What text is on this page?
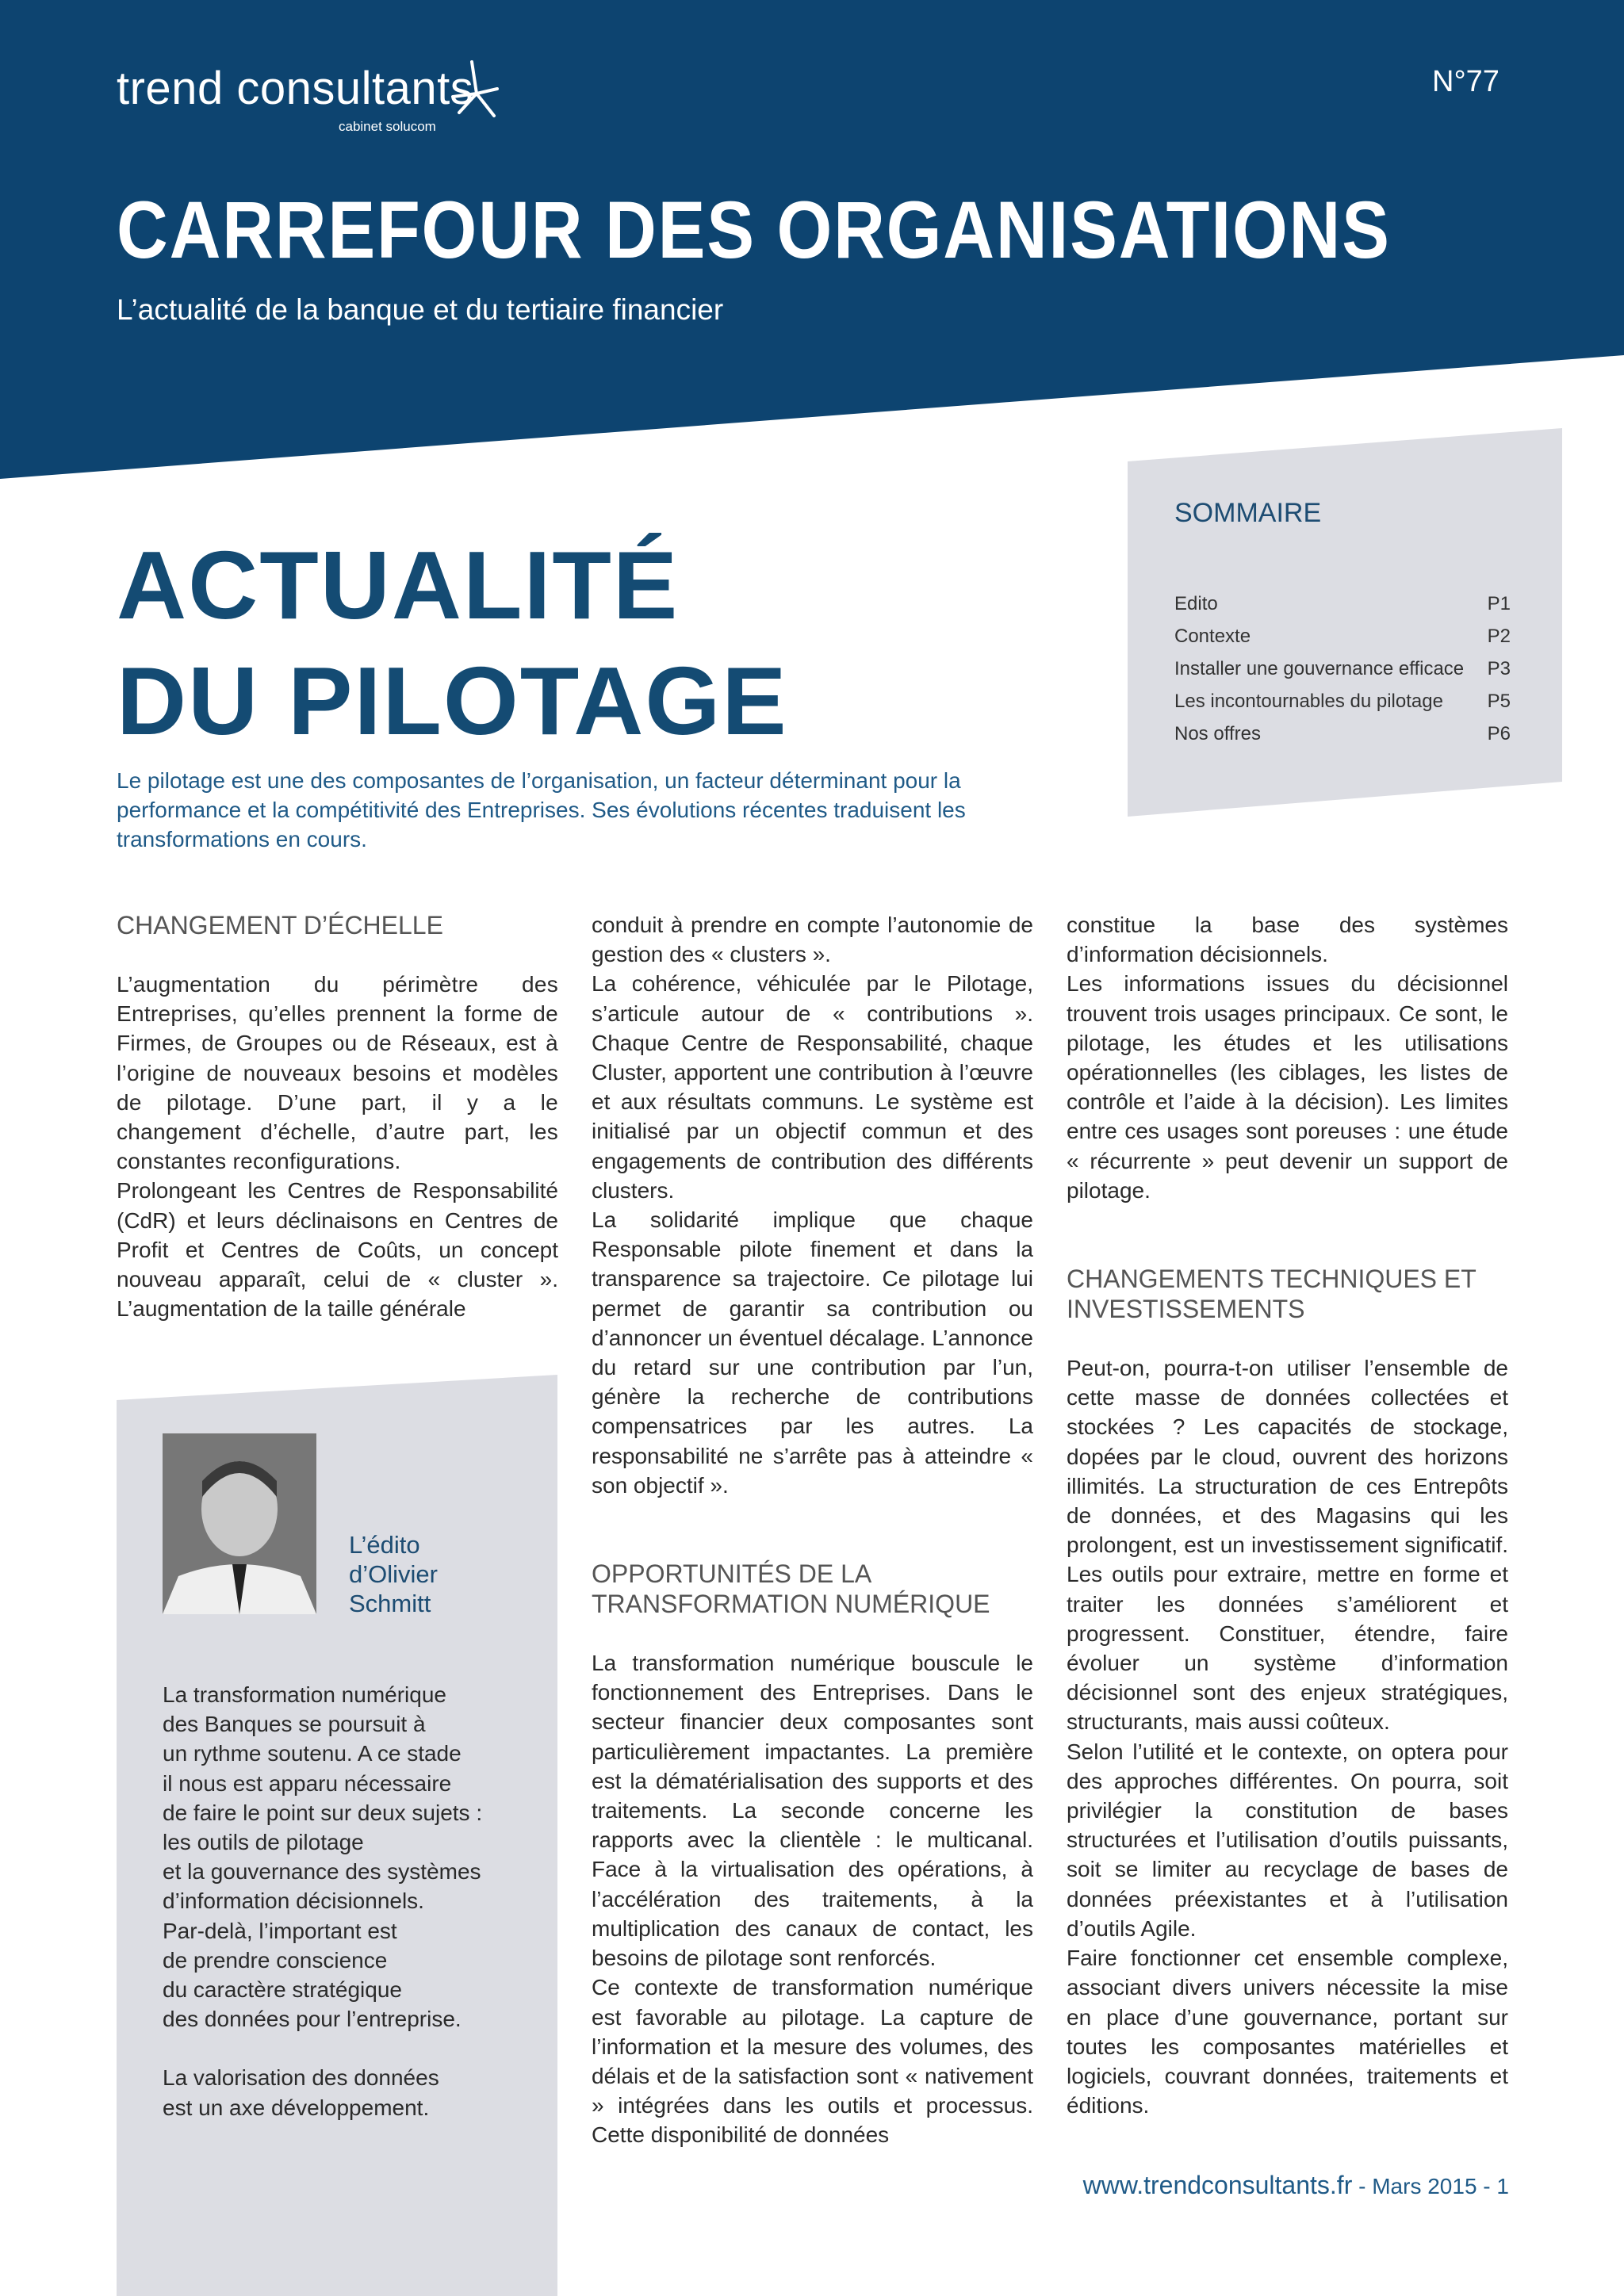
trend consultants
cabinet solucom
N°77
CARREFOUR DES ORGANISATIONS
L’actualité de la banque et du tertiaire financier
SOMMAIRE
Edito	P1
Contexte	P2
Installer une gouvernance efficace P3
Les incontournables du pilotage P5
Nos offres	P6
ACTUALITÉ
DU PILOTAGE
Le pilotage est une des composantes de l’organisation, un facteur déterminant pour la performance et la compétitivité des Entreprises. Ses évolutions récentes traduisent les transformations en cours.
CHANGEMENT D’ÉCHELLE

L’augmentation du périmètre des Entreprises, qu’elles prennent la forme de Firmes, de Groupes ou de Réseaux, est à l’origine de nouveaux besoins et modèles de pilotage. D’une part, il y a le changement d’échelle, d’autre part, les constantes reconfigurations.

Prolongeant les Centres de Responsabilité (CdR) et leurs déclinaisons en Centres de Profit et Centres de Coûts, un concept nouveau apparaît, celui de « cluster ». L’augmentation de la taille générale

L’édito
d’Olivier
Schmitt
La transformation numérique
des Banques se poursuit à
un rythme soutenu. A ce stade
il nous est apparu nécessaire
de faire le point sur deux sujets :
les outils de pilotage
et la gouvernance des systèmes
d’information décisionnels.
Par-delà, l’important est
de prendre conscience
du caractère stratégique
des données pour l’entreprise.
La valorisation des données
est un axe développement.

conduit à prendre en compte l’autonomie de gestion des « clusters ».

La cohérence, véhiculée par le Pilotage, s’articule autour de « contributions ». Chaque Centre de Responsabilité, chaque Cluster, apportent une contribution à l’œuvre et aux résultats communs. Le système est initialisé par un objectif commun et des engagements de contribution des différents clusters.

La solidarité implique que chaque Responsable pilote finement et dans la transparence sa trajectoire. Ce pilotage lui permet de garantir sa contribution ou d’annoncer un éventuel décalage. L’annonce du retard sur une contribution par l’un, génère la recherche de contributions compensatrices par les autres. La responsabilité ne s’arrête pas à atteindre « son objectif ».

OPPORTUNITÉS DE LA TRANSFORMATION NUMÉRIQUE

La transformation numérique bouscule le fonctionnement des Entreprises. Dans le secteur financier deux composantes sont particulièrement impactantes. La première est la dématérialisation des supports et des traitements. La seconde concerne les rapports avec la clientèle : le multicanal. Face à la virtualisation des opérations, à l’accélération des traitements, à la multiplication des canaux de contact, les besoins de pilotage sont renforcés.

Ce contexte de transformation numérique est favorable au pilotage. La capture de l’information et la mesure des volumes, des délais et de la satisfaction sont « nativement » intégrées dans les outils et processus. Cette disponibilité de données

constitue la base des systèmes d’information décisionnels.

Les informations issues du décisionnel trouvent trois usages principaux. Ce sont, le pilotage, les études et les utilisations opérationnelles (les ciblages, les listes de contrôle et l’aide à la décision). Les limites entre ces usages sont poreuses : une étude « récurrente » peut devenir un support de pilotage.

CHANGEMENTS TECHNIQUES ET INVESTISSEMENTS

Peut-on, pourra-t-on utiliser l’ensemble de cette masse de données collectées et stockées ? Les capacités de stockage, dopées par le cloud, ouvrent des horizons illimités. La structuration de ces Entrepôts de données, et des Magasins qui les prolongent, est un investissement significatif. Les outils pour extraire, mettre en forme et traiter les données s’améliorent et progressent. Constituer, étendre, faire évoluer un système d’information décisionnel sont des enjeux stratégiques, structurants, mais aussi coûteux.

Selon l’utilité et le contexte, on optera pour des approches différentes. On pourra, soit privilégier la constitution de bases structurées et l’utilisation d’outils puissants, soit se limiter au recyclage de bases de données préexistantes et à l’utilisation d’outils Agile.

Faire fonctionner cet ensemble complexe, associant divers univers nécessite la mise en place d’une gouvernance, portant sur toutes les composantes matérielles et logiciels, couvrant données, traitements et éditions.

www.trendconsultants.fr - Mars 2015 - 1
